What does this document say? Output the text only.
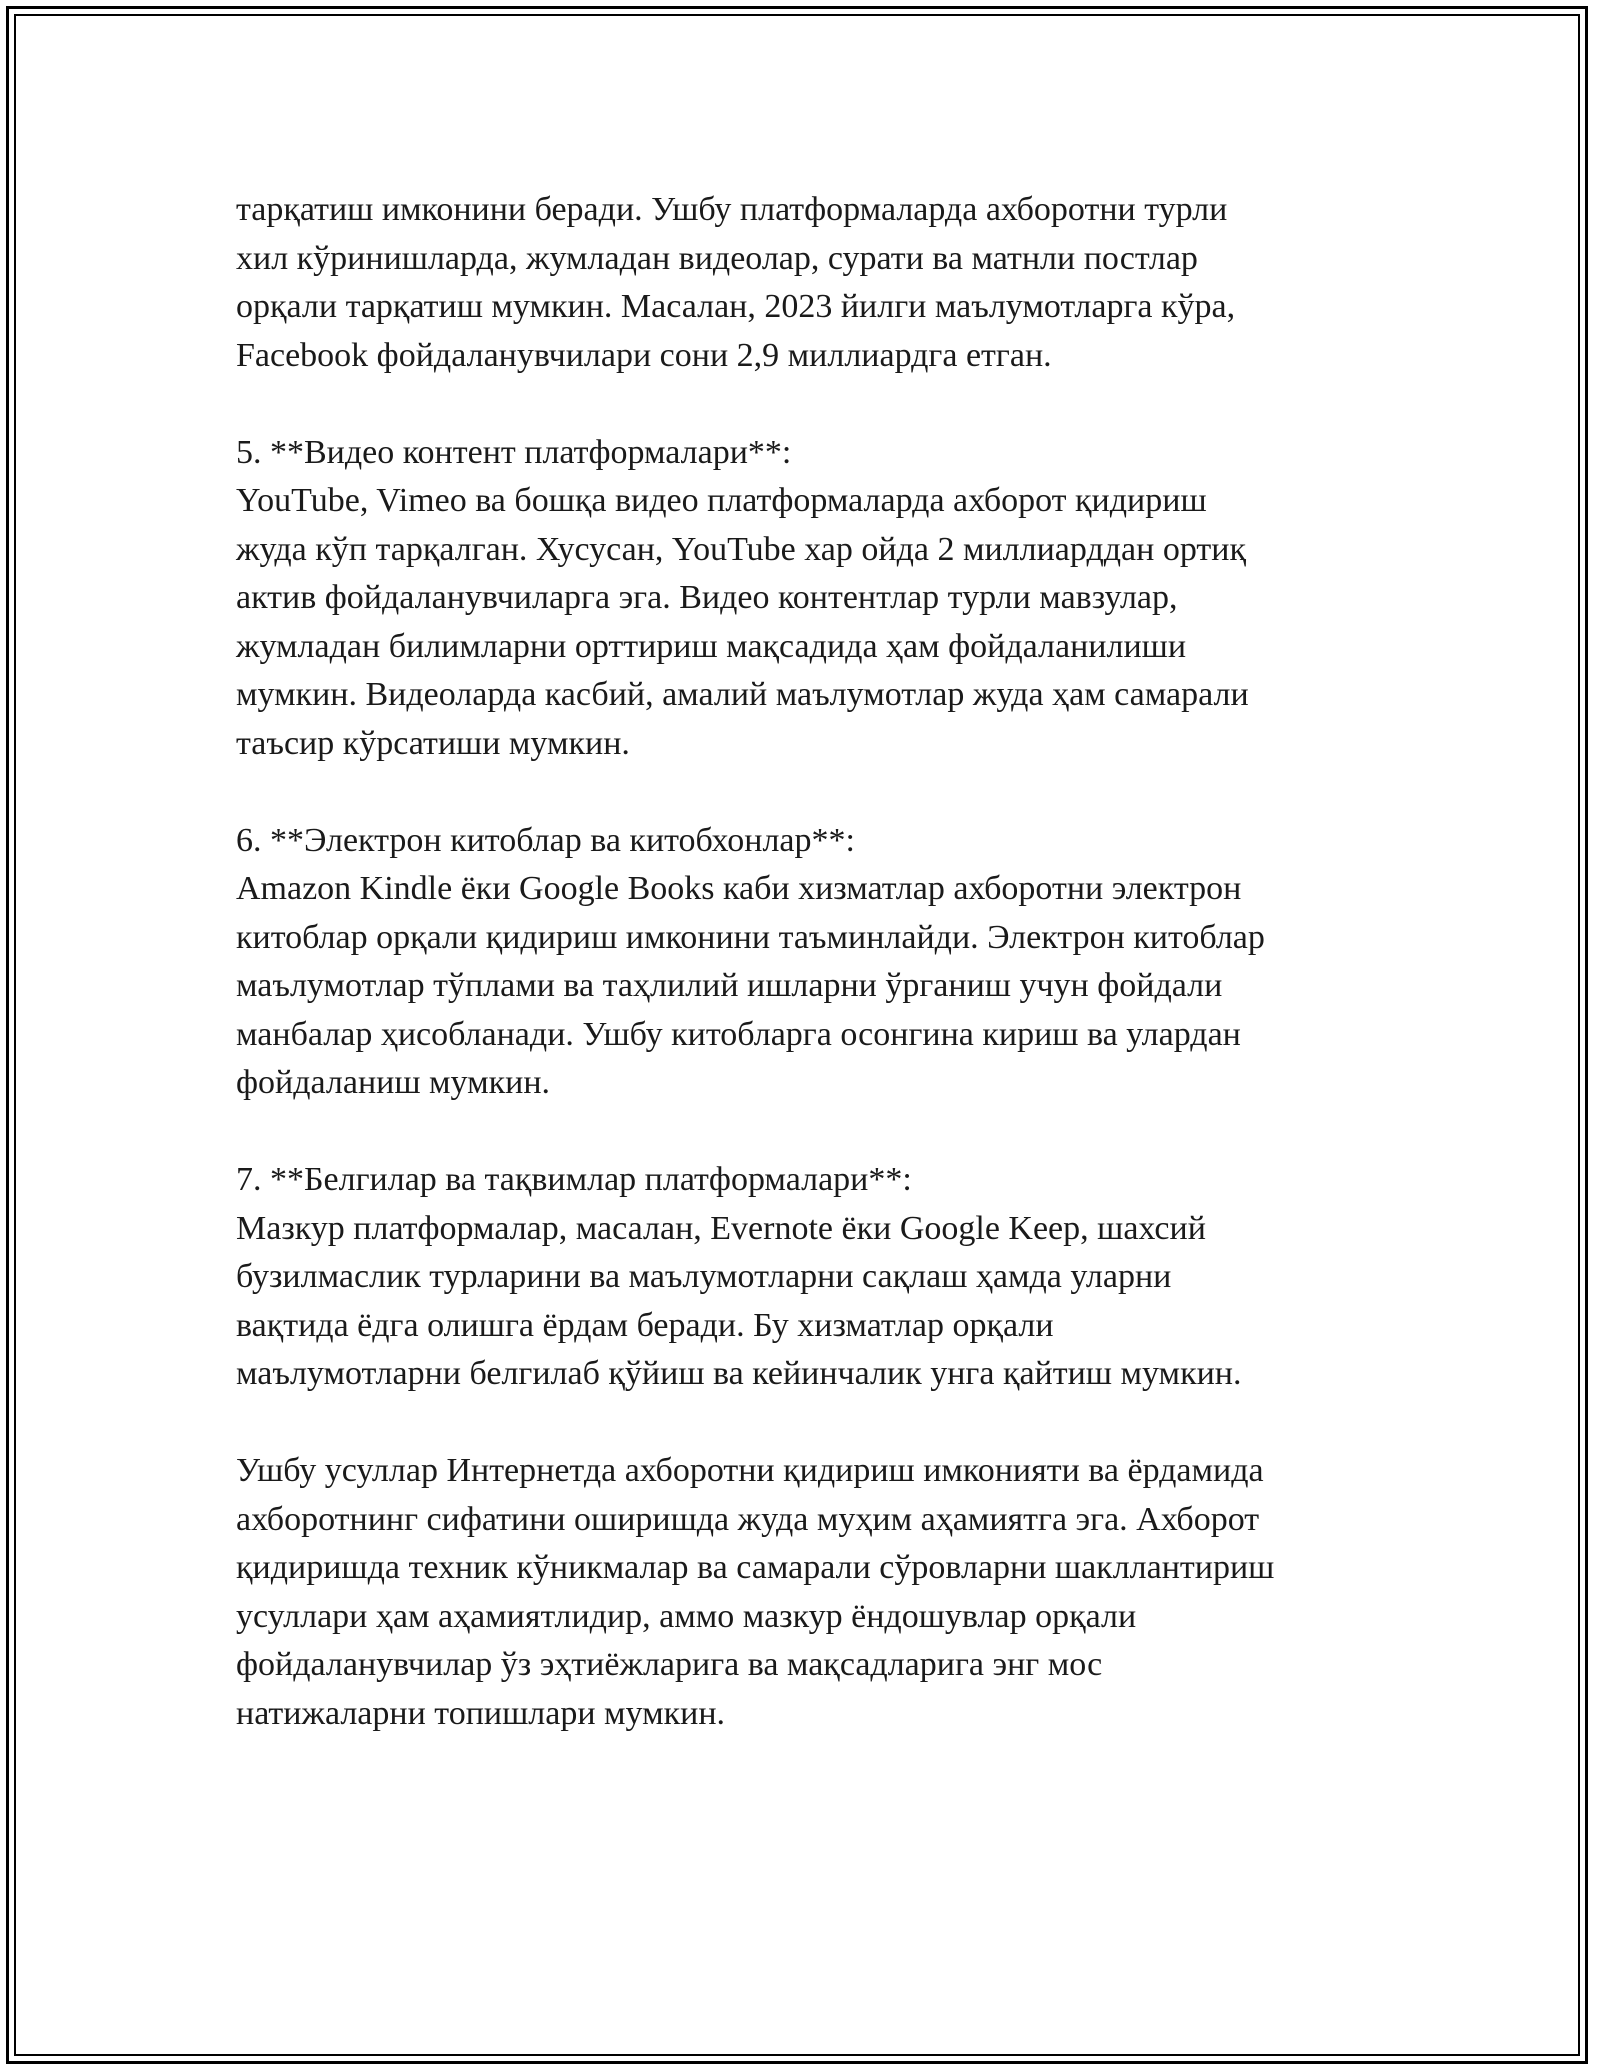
тарқатиш имконини беради. Ушбу платформаларда ахборотни турли
хил кўринишларда, жумладан видеолар, сурати ва матнли постлар
орқали тарқатиш мумкин. Масалан, 2023 йилги маълумотларга кўра,
Facebook фойдаланувчилари сони 2,9 миллиардга етган.
5. **Видео контент платформалари**:
YouTube, Vimeo ва бошқа видео платформаларда ахборот қидириш
жуда кўп тарқалган. Хусусан, YouTube хар ойда 2 миллиарддан ортиқ
актив фойдаланувчиларга эга. Видео контентлар турли мавзулар,
жумладан билимларни орттириш мақсадида ҳам фойдаланилиши
мумкин. Видеоларда касбий, амалий маълумотлар жуда ҳам самарали
таъсир кўрсатиши мумкин.
6. **Электрон китоблар ва китобхонлар**:
Amazon Kindle ёки Google Books каби хизматлар ахборотни электрон
китоблар орқали қидириш имконини таъминлайди. Электрон китоблар
маълумотлар тўплами ва таҳлилий ишларни ўрганиш учун фойдали
манбалар ҳисобланади. Ушбу китобларга осонгина кириш ва улардан
фойдаланиш мумкин.
7. **Белгилар ва тақвимлар платформалари**:
Мазкур платформалар, масалан, Evernote ёки Google Keep, шахсий
бузилмаслик турларини ва маълумотларни сақлаш ҳамда уларни
вақтида ёдга олишга ёрдам беради. Бу хизматлар орқали
маълумотларни белгилаб қўйиш ва кейинчалик унга қайтиш мумкин.
Ушбу усуллар Интернетда ахборотни қидириш имконияти ва ёрдамида
ахборотнинг сифатини оширишда жуда муҳим аҳамиятга эга. Ахборот
қидиришда техник кўникмалар ва самарали сўровларни шакллантириш
усуллари ҳам аҳамиятлидир, аммо мазкур ёндошувлар орқали
фойдаланувчилар ўз эҳтиёжларига ва мақсадларига энг мос
натижаларни топишлари мумкин.
